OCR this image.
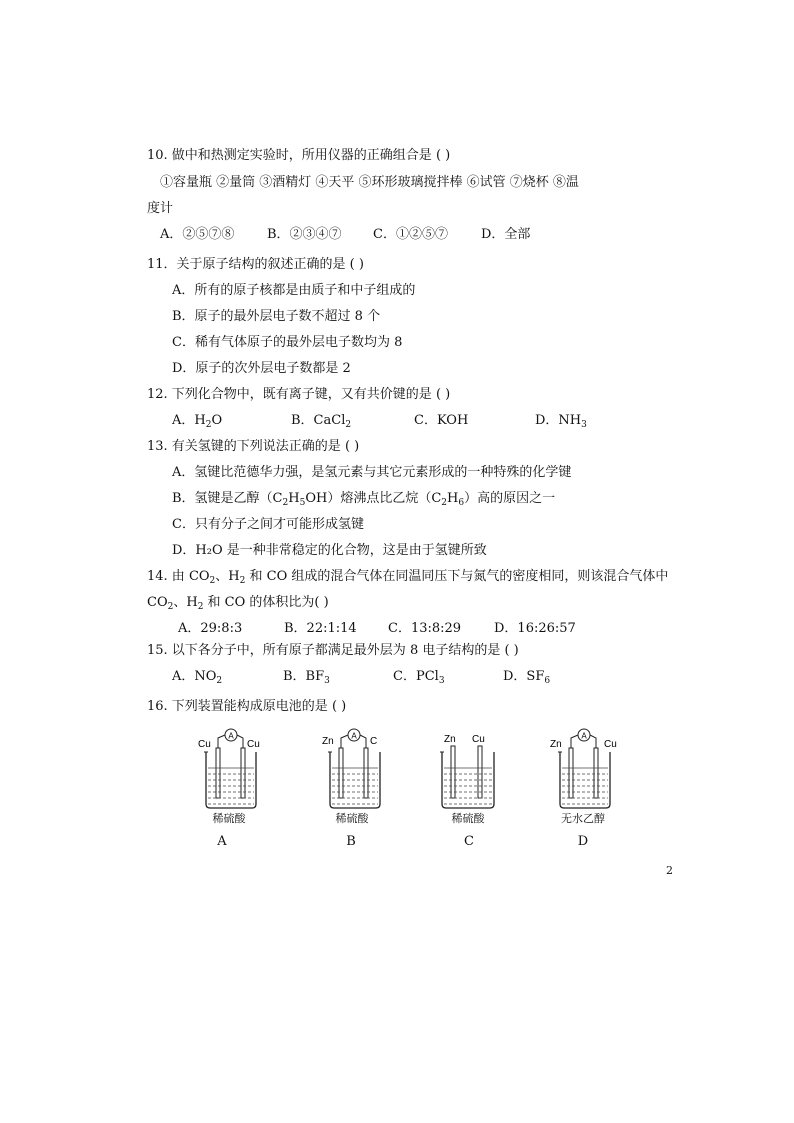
10. 做中和热测定实验时，所用仪器的正确组合是 ( )
①容量瓶 ②量筒 ③酒精灯 ④天平 ⑤环形玻璃搅拌棒 ⑥试管 ⑦烧杯 ⑧温
度计
A．②⑤⑦⑧	B．②③④⑦ C．①②⑤⑦	D．全部
11．关于原子结构的叙述正确的是 ( )
A．所有的原子核都是由质子和中子组成的
B．原子的最外层电子数不超过 8 个
C．稀有气体原子的最外层电子数均为 8
D．原子的次外层电子数都是 2
12. 下列化合物中，既有离子键，又有共价键的是 ( )
A．$H_2O$	B．CaCl$_2$	C．KOH	D．$NH_3$
13. 有关氢键的下列说法正确的是 ( )
A．氢键比范德华力强，是氢元素与其它元素形成的一种特殊的化学键
B．氢键是乙醇$(C_2H_5OH)$熔沸点比乙烷$(C_2H_6)$高的原因之一
C．只有分子之间才可能形成氢键
D．H₂O 是一种非常稳定的化合物，这是由于氢键所致
14. 由 $CO_2$、$H_2$ 和 CO 组成的混合气体在同温同压下与氮气的密度相同，则该混合气体中
$CO_2$、$H_2$ 和 CO 的体积比为( )
A．29:8:3	B．22:1:14 C．13:8:29	D．16:26:57
15. 以下各分子中，所有原子都满足最外层为 8 电子结构的是 ( )
A．$NO_2$	B．$BF_3$	C．PCl$_3$	D．$SF_6$
16. 下列装置能构成原电池的是 ( )
A
Cu	Cu
稀硫酸
A
A
Zn	C
稀硫酸
B
Zn Cu
稀硫酸
C
A
Zn	Cu
无水乙醇
D
2
